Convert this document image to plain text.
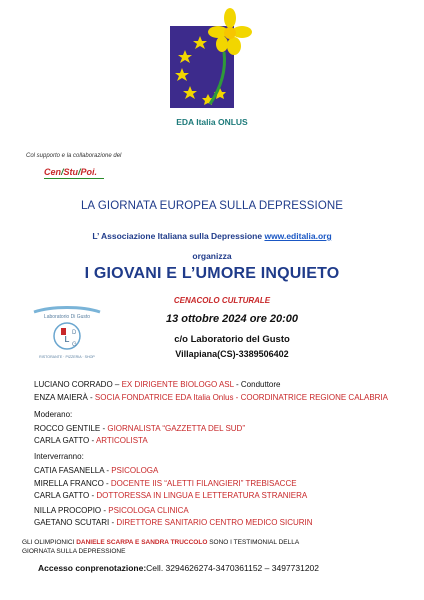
EDA Italia ONLUS
Col supporto e la collaborazione del
Cen/Stu/Poi.
LA GIORNATA EUROPEA SULLA DEPRESSIONE
L’ Associazione Italiana sulla Depressione www.editalia.org
organizza
I GIOVANI E L’UMORE INQUIETO
Laboratorio Di Gusto
L
D
G
RISTORANTE · PIZZERIA · SHOP
CENACOLO CULTURALE
13 ottobre 2024 ore 20:00
c/o Laboratorio del Gusto
Villapiana(CS)-3389506402
LUCIANO CORRADO – EX DIRIGENTE BIOLOGO ASL - Conduttore
ENZA MAIERÀ - SOCIA FONDATRICE EDA Italia Onlus - COORDINATRICE REGIONE CALABRIA
Moderano:
ROCCO GENTILE - GIORNALISTA “GAZZETTA DEL SUD”
CARLA GATTO - ARTICOLISTA
Interverranno:
CATIA FASANELLA - PSICOLOGA
MIRELLA FRANCO - DOCENTE IIS “ALETTI FILANGIERI” TREBISACCE
CARLA GATTO - DOTTORESSA IN LINGUA E LETTERATURA STRANIERA
NILLA PROCOPIO - PSICOLOGA CLINICA
GAETANO SCUTARI - DIRETTORE SANITARIO CENTRO MEDICO SICURIN
GLI OLIMPIONICI DANIELE SCARPA E SANDRA TRUCCOLO SONO I TESTIMONIAL DELLA
GIORNATA SULLA DEPRESSIONE
Accesso conprenotazione:Cell. 3294626274-3470361152 – 3497731202
